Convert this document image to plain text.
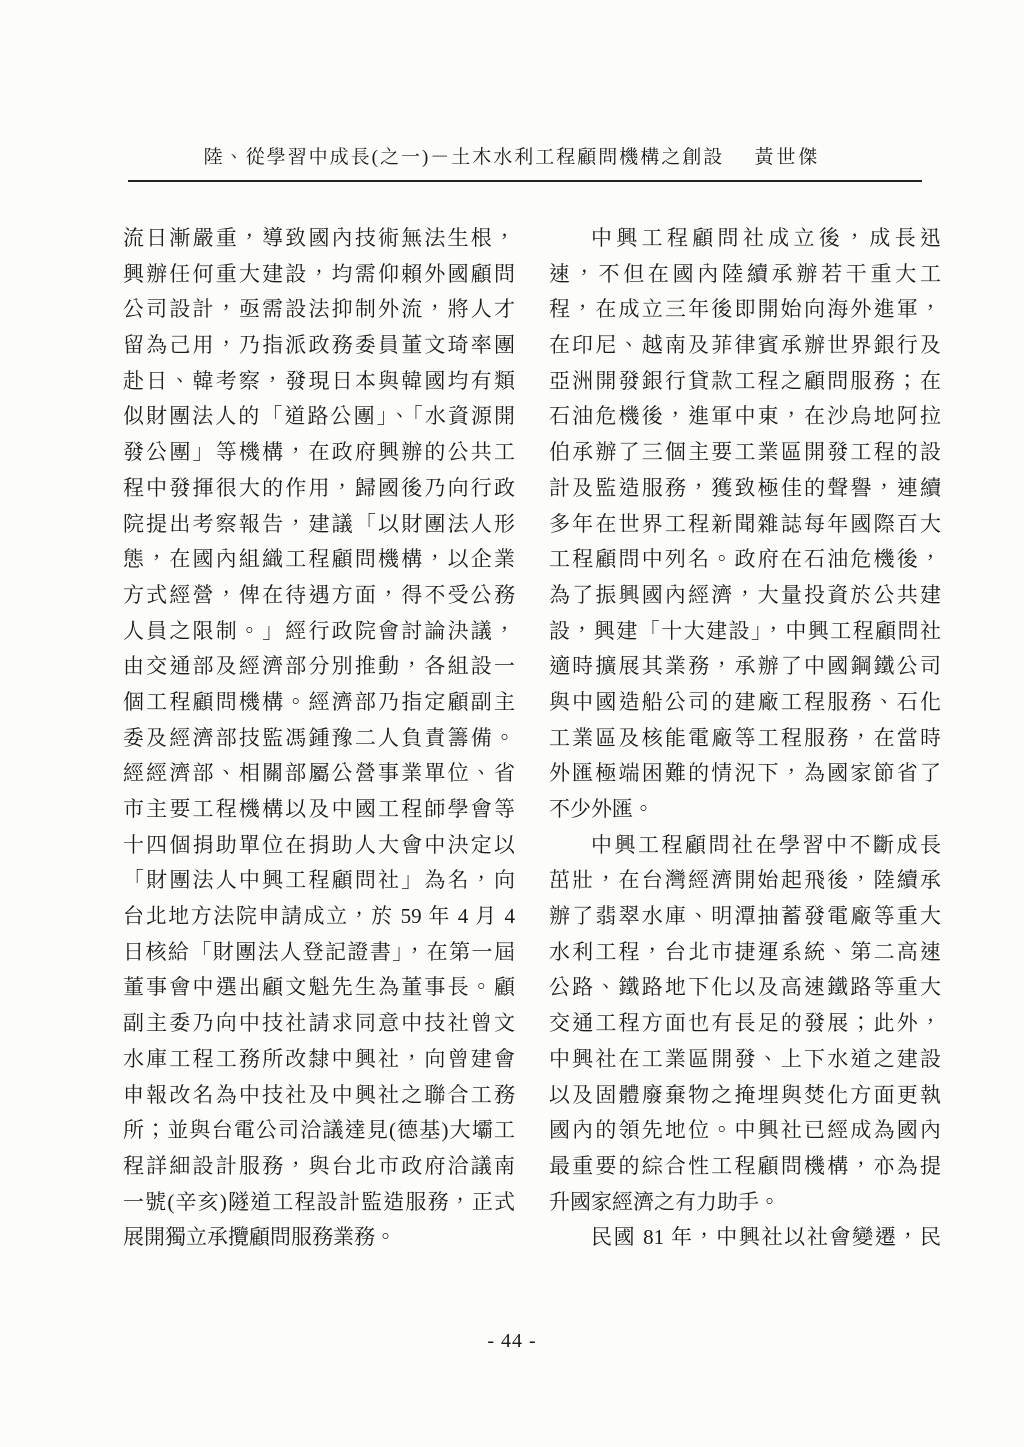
陸、從學習中成長(之一)－土木水利工程顧問機構之創設 黃世傑
流日漸嚴重，導致國內技術無法生根，
興辦任何重大建設，均需仰賴外國顧問
公司設計，亟需設法抑制外流，將人才
留為己用，乃指派政務委員董文琦率團
赴日、韓考察，發現日本與韓國均有類
似財團法人的「道路公團」、「水資源開
發公團」等機構，在政府興辦的公共工
程中發揮很大的作用，歸國後乃向行政
院提出考察報告，建議「以財團法人形
態，在國內組織工程顧問機構，以企業
方式經營，俾在待遇方面，得不受公務
人員之限制。」經行政院會討論決議，
由交通部及經濟部分別推動，各組設一
個工程顧問機構。經濟部乃指定顧副主
委及經濟部技監馮鍾豫二人負責籌備。
經經濟部、相關部屬公營事業單位、省
市主要工程機構以及中國工程師學會等
十四個捐助單位在捐助人大會中決定以
「財團法人中興工程顧問社」為名，向
台北地方法院申請成立，於 59 年 4 月 4
日核給「財團法人登記證書」，在第一屆
董事會中選出顧文魁先生為董事長。顧
副主委乃向中技社請求同意中技社曾文
水庫工程工務所改隸中興社，向曾建會
申報改名為中技社及中興社之聯合工務
所；並與台電公司洽議達見(德基)大壩工
程詳細設計服務，與台北市政府洽議南
一號(辛亥)隧道工程設計監造服務，正式
展開獨立承攬顧問服務業務。
中興工程顧問社成立後，成長迅
速，不但在國內陸續承辦若干重大工
程，在成立三年後即開始向海外進軍，
在印尼、越南及菲律賓承辦世界銀行及
亞洲開發銀行貸款工程之顧問服務；在
石油危機後，進軍中東，在沙烏地阿拉
伯承辦了三個主要工業區開發工程的設
計及監造服務，獲致極佳的聲譽，連續
多年在世界工程新聞雜誌每年國際百大
工程顧問中列名。政府在石油危機後，
為了振興國內經濟，大量投資於公共建
設，興建「十大建設」，中興工程顧問社
適時擴展其業務，承辦了中國鋼鐵公司
與中國造船公司的建廠工程服務、石化
工業區及核能電廠等工程服務，在當時
外匯極端困難的情況下，為國家節省了
不少外匯。
中興工程顧問社在學習中不斷成長
茁壯，在台灣經濟開始起飛後，陸續承
辦了翡翠水庫、明潭抽蓄發電廠等重大
水利工程，台北市捷運系統、第二高速
公路、鐵路地下化以及高速鐵路等重大
交通工程方面也有長足的發展；此外，
中興社在工業區開發、上下水道之建設
以及固體廢棄物之掩埋與焚化方面更執
國內的領先地位。中興社已經成為國內
最重要的綜合性工程顧問機構，亦為提
升國家經濟之有力助手。
民國 81 年，中興社以社會變遷，民
- 44 -
